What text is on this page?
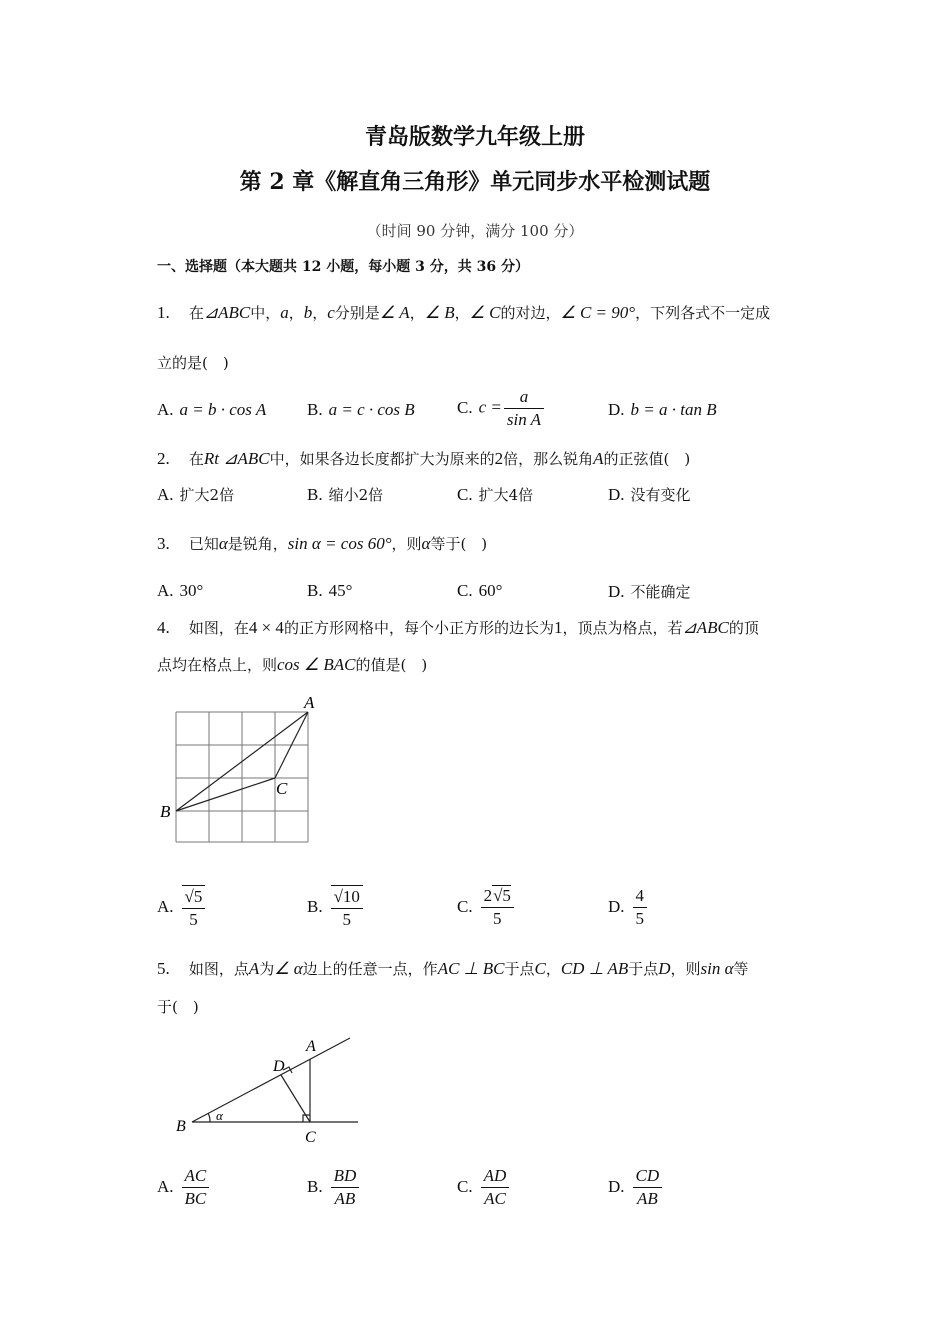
青岛版数学九年级上册
第 2 章《解直角三角形》单元同步水平检测试题
（时间 90 分钟，满分 100 分）
一、选择题（本大题共 12 小题，每小题 3 分，共 36 分）
1. 在⊿ABC中，a，b，c分别是∠ A，∠ B，∠ C的对边，∠ C = 90°，下列各式不一定成
立的是(　)
A. a = b · cos A B. a = c · cos B C. $c = \frac{a}{\text{sin A}}$	D. b = a · tan B
2. 在Rt ⊿ABC中，如果各边长度都扩大为原来的2倍，那么锐角A的正弦值(　)
A. 扩大2倍	B. 缩小2倍	C. 扩大4倍	D. 没有变化
3. 已知α是锐角，sin α = cos 60°，则α等于(　)
A. 30°	B. 45°	C. 60°	D. 不能确定
4. 如图，在4 × 4的正方形网格中，每个小正方形的边长为1，顶点为格点，若⊿ABC的顶
点均在格点上，则cos ∠ BAC的值是(　)
A
B
C
A. $\frac{√5}{5}$	B. $\frac{√10}{5}$	C. $\frac{2√5}{5}$	D. $\frac{4}{5}$
5. 如图，点A为∠ α边上的任意一点，作AC ⊥ BC于点C，CD ⊥ AB于点D，则sin α等
于(　)
A
B
C
D
α
A. $\frac{AC}{BC}$	B. $\frac{BD}{AB}$	C. $\frac{AD}{AC}$	D. $\frac{CD}{AB}$
